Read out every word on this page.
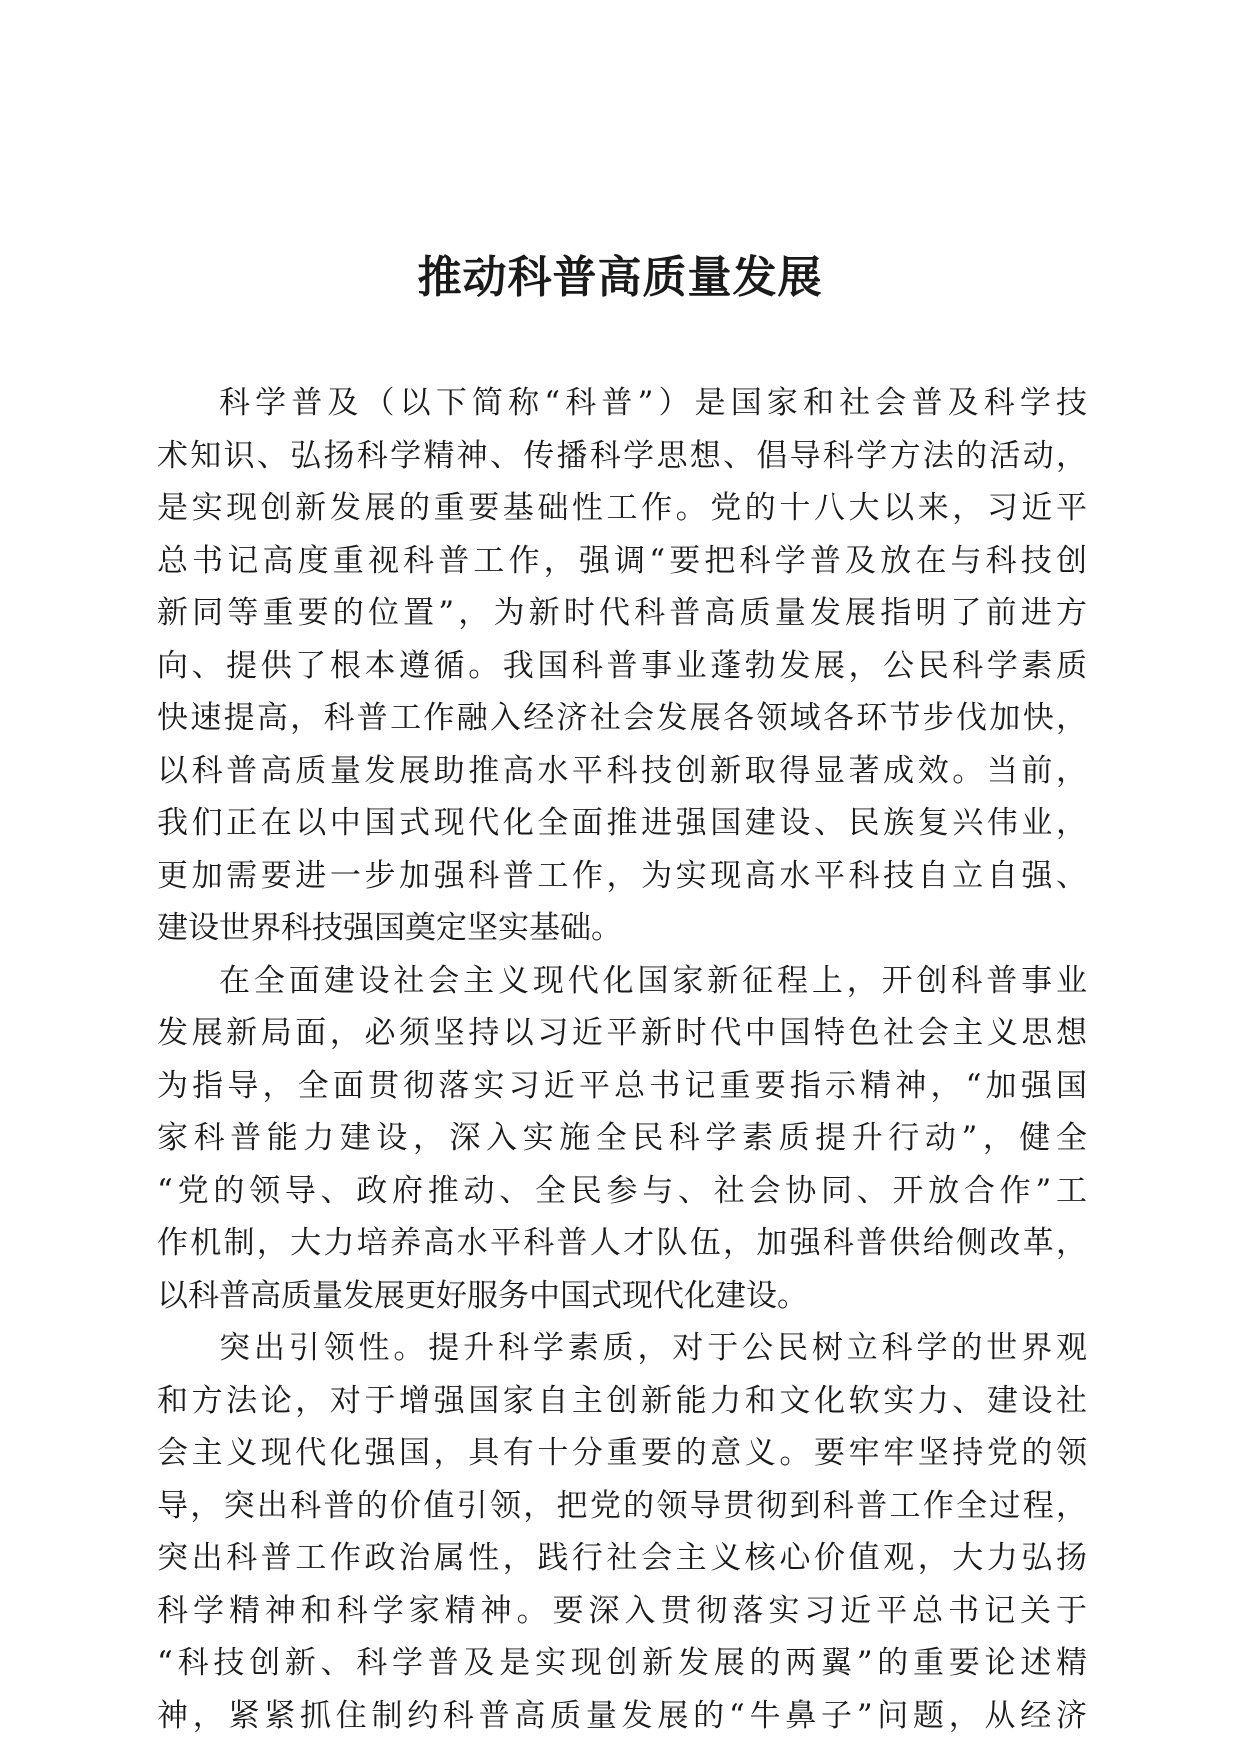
推动科普高质量发展
科学普及（以下简称“科普”）是国家和社会普及科学技
术知识、弘扬科学精神、传播科学思想、倡导科学方法的活动，
是实现创新发展的重要基础性工作。党的十八大以来，习近平
总书记高度重视科普工作，强调“要把科学普及放在与科技创
新同等重要的位置”，为新时代科普高质量发展指明了前进方
向、提供了根本遵循。我国科普事业蓬勃发展，公民科学素质
快速提高，科普工作融入经济社会发展各领域各环节步伐加快，
以科普高质量发展助推高水平科技创新取得显著成效。当前，
我们正在以中国式现代化全面推进强国建设、民族复兴伟业，
更加需要进一步加强科普工作，为实现高水平科技自立自强、
建设世界科技强国奠定坚实基础。
在全面建设社会主义现代化国家新征程上，开创科普事业
发展新局面，必须坚持以习近平新时代中国特色社会主义思想
为指导，全面贯彻落实习近平总书记重要指示精神，“加强国
家科普能力建设，深入实施全民科学素质提升行动”，健全
“党的领导、政府推动、全民参与、社会协同、开放合作”工
作机制，大力培养高水平科普人才队伍，加强科普供给侧改革，
以科普高质量发展更好服务中国式现代化建设。
突出引领性。提升科学素质，对于公民树立科学的世界观
和方法论，对于增强国家自主创新能力和文化软实力、建设社
会主义现代化强国，具有十分重要的意义。要牢牢坚持党的领
导，突出科普的价值引领，把党的领导贯彻到科普工作全过程，
突出科普工作政治属性，践行社会主义核心价值观，大力弘扬
科学精神和科学家精神。要深入贯彻落实习近平总书记关于
“科技创新、科学普及是实现创新发展的两翼”的重要论述精
神，紧紧抓住制约科普高质量发展的“牛鼻子”问题，从经济
